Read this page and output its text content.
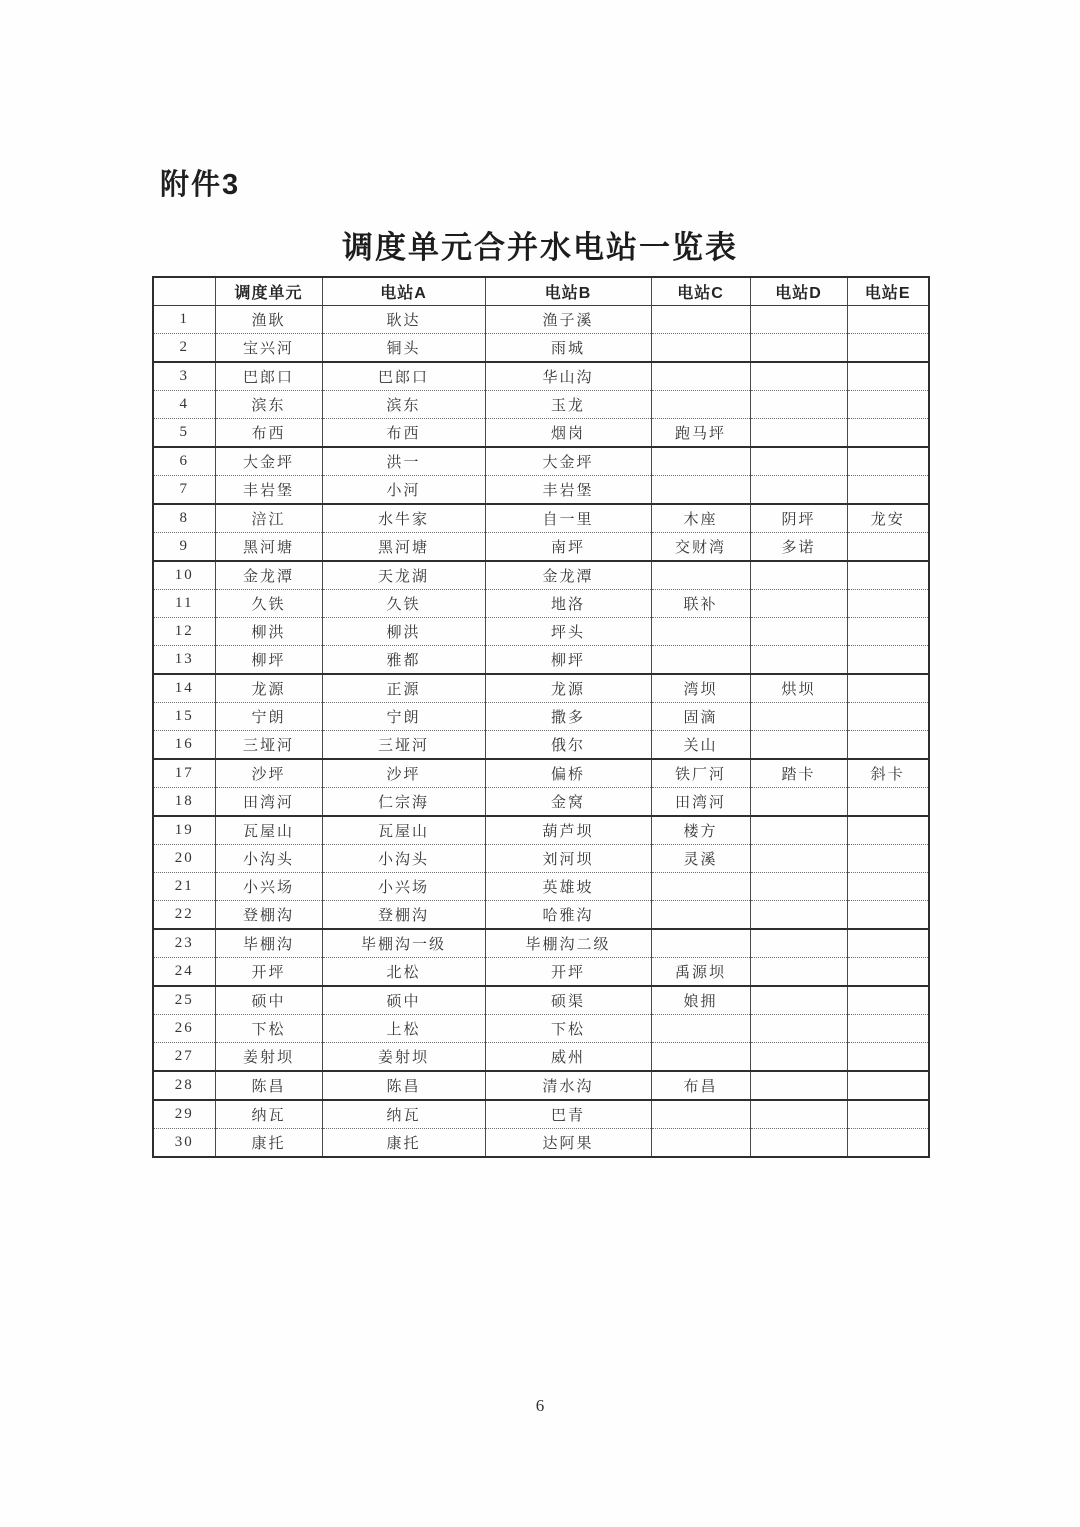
附件3
调度单元合并水电站一览表
	调度单元	电站A	电站B	电站C	电站D	电站E
1	渔耿	耿达	渔子溪			
2	宝兴河	铜头	雨城			
3	巴郎口	巴郎口	华山沟			
4	滨东	滨东	玉龙			
5	布西	布西	烟岗	跑马坪		
6	大金坪	洪一	大金坪			
7	丰岩堡	小河	丰岩堡			
8	涪江	水牛家	自一里	木座	阴坪	龙安
9	黑河塘	黑河塘	南坪	交财湾	多诺	
10	金龙潭	天龙湖	金龙潭			
11	久铁	久铁	地洛	联补		
12	柳洪	柳洪	坪头			
13	柳坪	雅都	柳坪			
14	龙源	正源	龙源	湾坝	烘坝	
15	宁朗	宁朗	撒多	固滴		
16	三垭河	三垭河	俄尔	关山		
17	沙坪	沙坪	偏桥	铁厂河	踏卡	斜卡
18	田湾河	仁宗海	金窝	田湾河		
19	瓦屋山	瓦屋山	葫芦坝	楼方		
20	小沟头	小沟头	刘河坝	灵溪		
21	小兴场	小兴场	英雄坡			
22	登棚沟	登棚沟	哈雅沟			
23	毕棚沟	毕棚沟一级	毕棚沟二级			
24	开坪	北松	开坪	禹源坝		
25	硕中	硕中	硕渠	娘拥		
26	下松	上松	下松			
27	姜射坝	姜射坝	威州			
28	陈昌	陈昌	清水沟	布昌		
29	纳瓦	纳瓦	巴青			
30	康托	康托	达阿果			
6
